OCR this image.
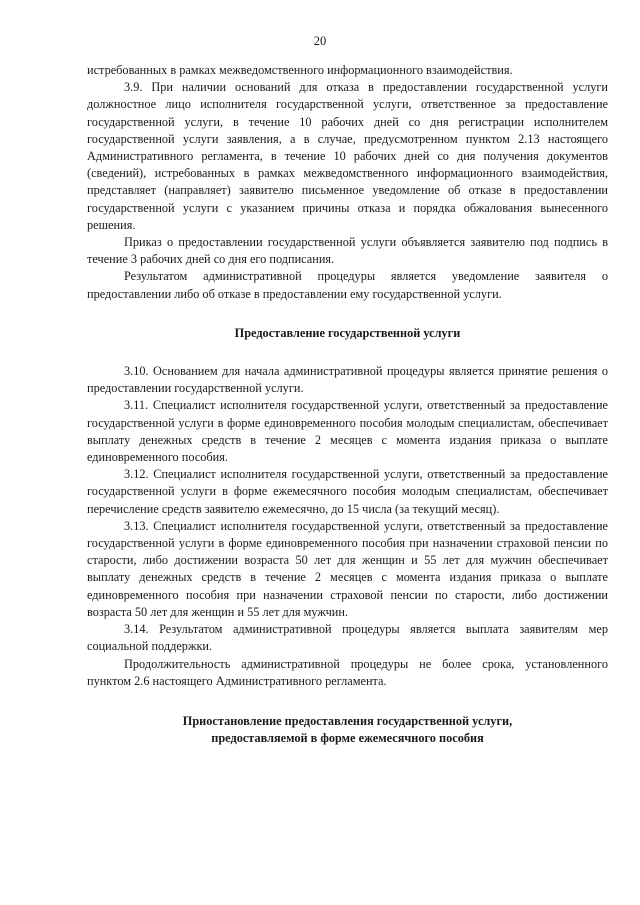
20

истребованных в рамках межведомственного информационного взаимодействия.

3.9. При наличии оснований для отказа в предоставлении государственной услуги должностное лицо исполнителя государственной услуги, ответственное за предоставление государственной услуги, в течение 10 рабочих дней со дня регистрации исполнителем государственной услуги заявления, а в случае, предусмотренном пунктом 2.13 настоящего Административного регламента, в течение 10 рабочих дней со дня получения документов (сведений), истребованных в рамках межведомственного информационного взаимодействия, представляет (направляет) заявителю письменное уведомление об отказе в предоставлении государственной услуги с указанием причины отказа и порядка обжалования вынесенного решения.

Приказ о предоставлении государственной услуги объявляется заявителю под подпись в течение 3 рабочих дней со дня его подписания.

Результатом административной процедуры является уведомление заявителя о предоставлении либо об отказе в предоставлении ему государственной услуги.

Предоставление государственной услуги

3.10. Основанием для начала административной процедуры является принятие решения о предоставлении государственной услуги.

3.11. Специалист исполнителя государственной услуги, ответственный за предоставление государственной услуги в форме единовременного пособия молодым специалистам, обеспечивает выплату денежных средств в течение 2 месяцев с момента издания приказа о выплате единовременного пособия.

3.12. Специалист исполнителя государственной услуги, ответственный за предоставление государственной услуги в форме ежемесячного пособия молодым специалистам, обеспечивает перечисление средств заявителю ежемесячно, до 15 числа (за текущий месяц).

3.13. Специалист исполнителя государственной услуги, ответственный за предоставление государственной услуги в форме единовременного пособия при назначении страховой пенсии по старости, либо достижении возраста 50 лет для женщин и 55 лет для мужчин обеспечивает выплату денежных средств в течение 2 месяцев с момента издания приказа о выплате единовременного пособия при назначении страховой пенсии по старости, либо достижении возраста 50 лет для женщин и 55 лет для мужчин.

3.14. Результатом административной процедуры является выплата заявителям мер социальной поддержки.

Продолжительность административной процедуры не более срока, установленного пунктом 2.6 настоящего Административного регламента.

Приостановление предоставления государственной услуги,
предоставляемой в форме ежемесячного пособия
